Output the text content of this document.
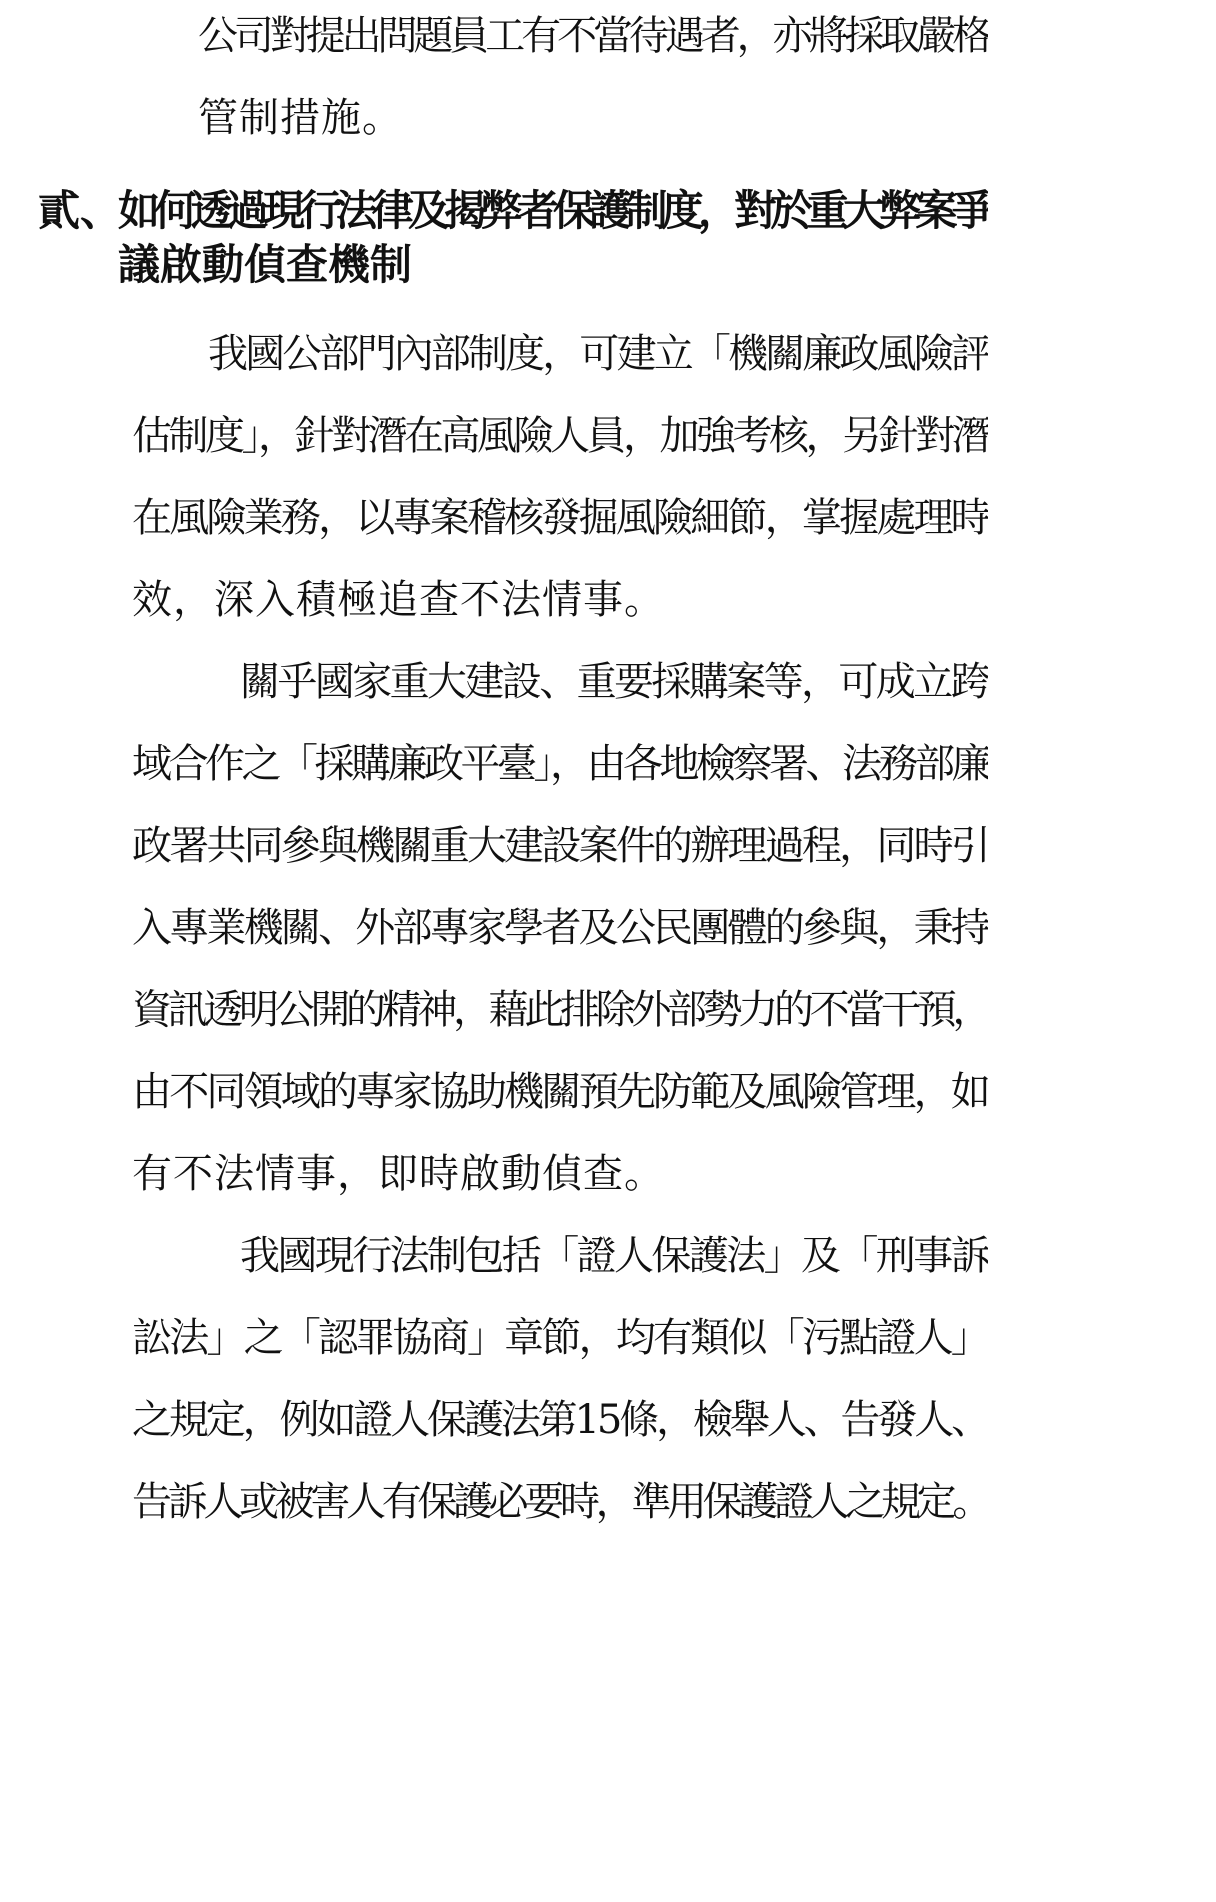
公司對提出問題員工有不當待遇者，亦將採取嚴格
管制措施。
貳、
如何透過現行法律及揭弊者保護制度，對於重大弊案爭
議啟動偵查機制
我國公部門內部制度，可建立「機關廉政風險評
估制度」，針對潛在高風險人員，加強考核，另針對潛
在風險業務，以專案稽核發掘風險細節，掌握處理時
效，深入積極追查不法情事。
關乎國家重大建設、重要採購案等，可成立跨
域合作之「採購廉政平臺」，由各地檢察署、法務部廉
政署共同參與機關重大建設案件的辦理過程，同時引
入專業機關、外部專家學者及公民團體的參與，秉持
資訊透明公開的精神，藉此排除外部勢力的不當干預，
由不同領域的專家協助機關預先防範及風險管理，如
有不法情事，即時啟動偵查。
我國現行法制包括「證人保護法」及「刑事訴
訟法」之「認罪協商」章節，均有類似「污點證人」
之規定，例如證人保護法第15條，檢舉人、告發人、
告訴人或被害人有保護必要時，準用保護證人之規定。
